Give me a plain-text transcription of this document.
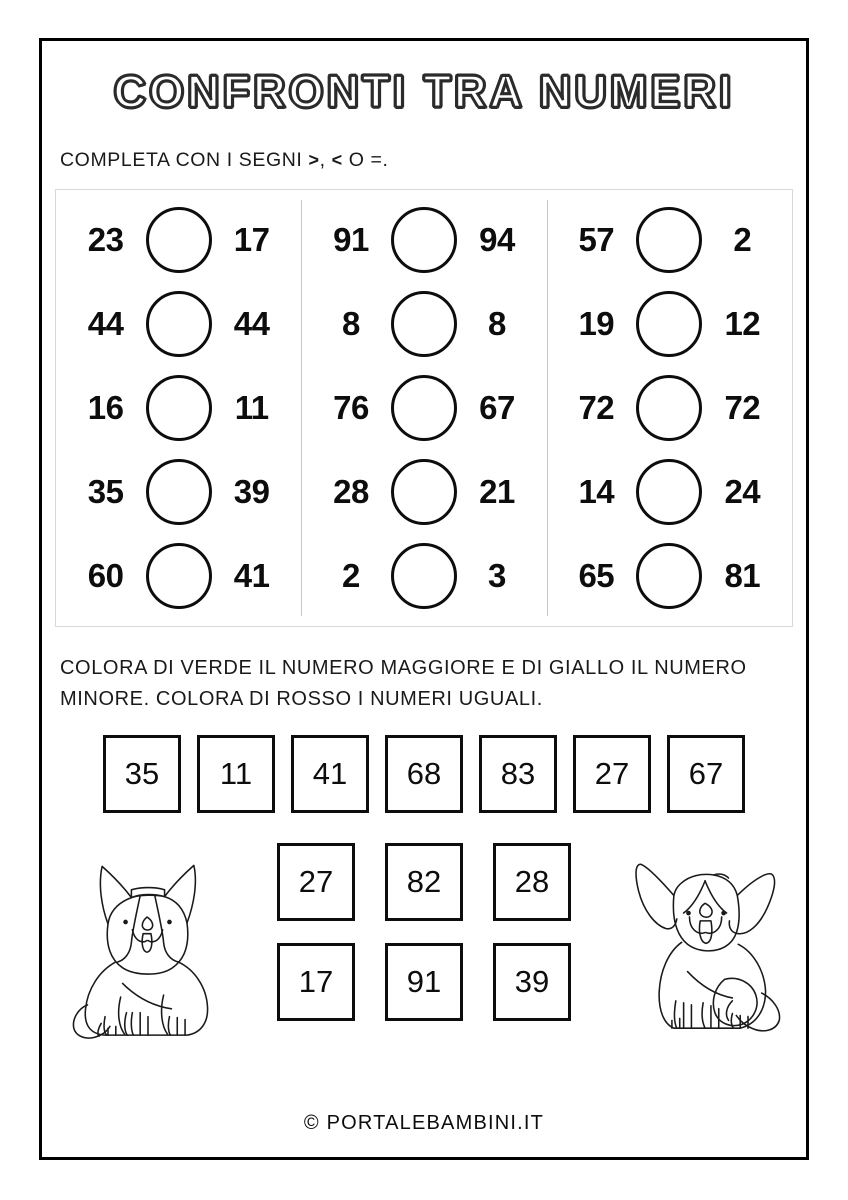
CONFRONTI TRA NUMERI
COMPLETA CON I SEGNI >, < O =.
23	17
44	44
16	11
35	39
60	41
91	94
8	8
76	67
28	21
2	3
57	2
19	12
72	72
14	24
65	81
COLORA DI VERDE IL NUMERO MAGGIORE E DI GIALLO IL NUMERO MINORE. COLORA DI ROSSO I NUMERI UGUALI.
35	11	41	68	83	27	67
27	82	28
17	91	39
© PORTALEBAMBINI.IT
